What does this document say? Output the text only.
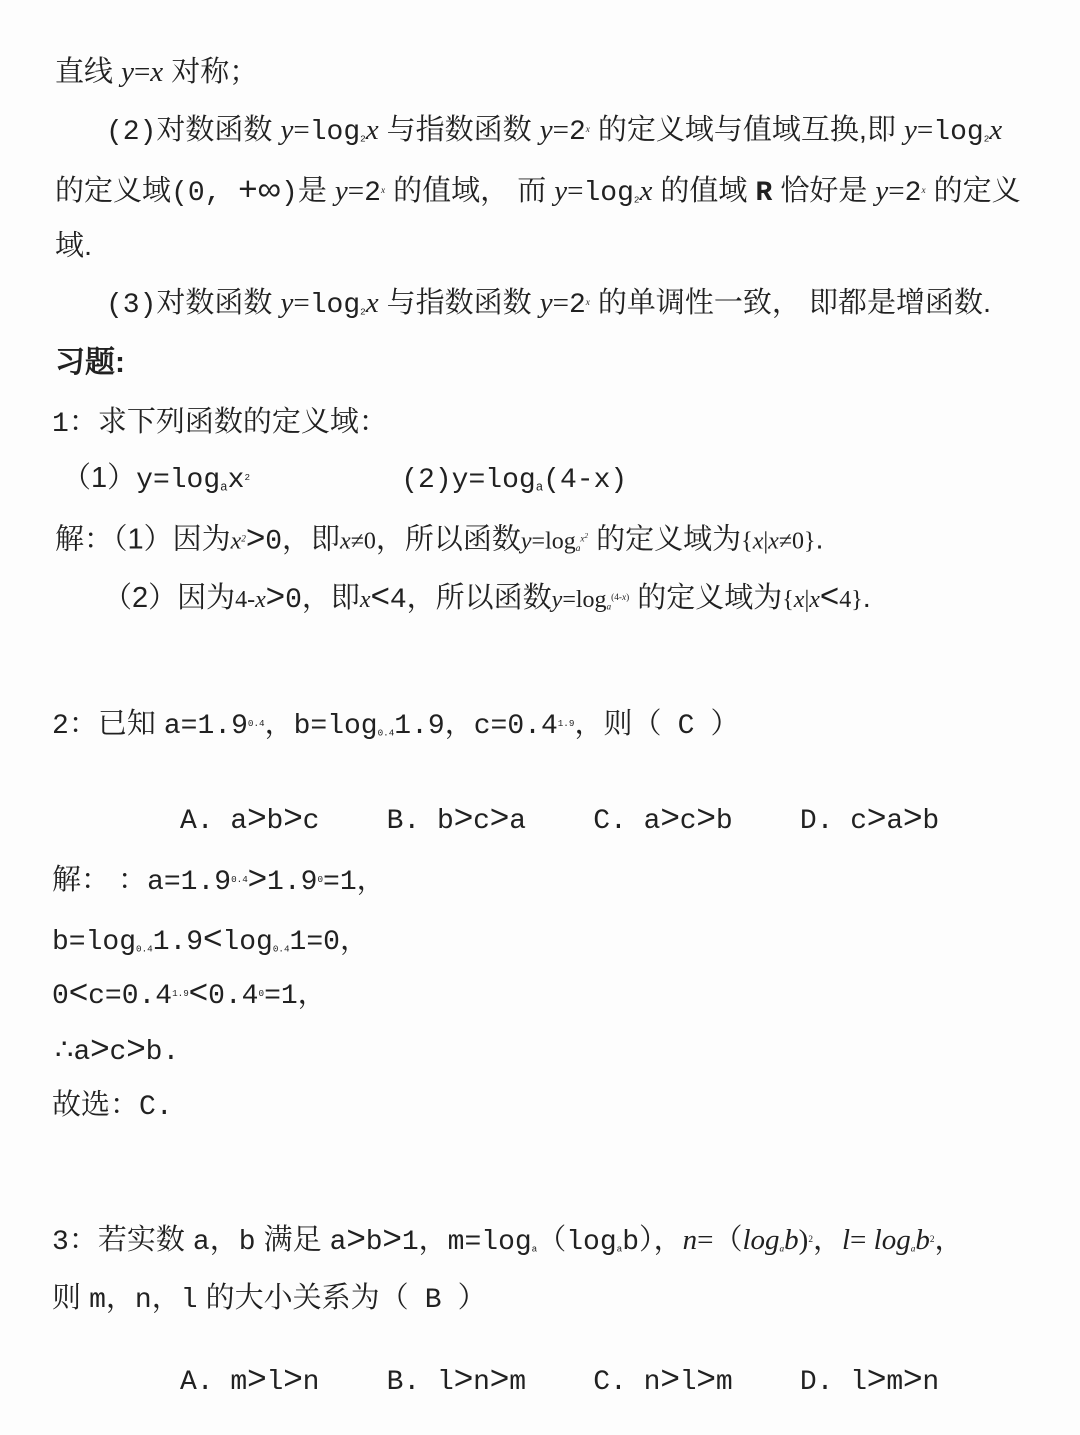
直线 y=x 对称；
(2)对数函数 y=log2x 与指数函数 $y=2^x$ 的定义域与值域互换,即 y=log2x
的定义域(0, +∞)是 $y=2^x$ 的值域， 而 y=log2x 的值域 R 恰好是 $y=2^x$ 的定义
域.
(3)对数函数 y=log2x 与指数函数 $y=2^x$ 的单调性一致， 即都是增函数.
习题:
1：求下列函数的定义域：
$(1)y=\log_ax^2$	$(2)y=\log_a(4-x)$
解：（1）因为$x^2>0$，即x≠0，所以函数y=loga$^{x2}$ 的定义域为{x|x≠0}.
（2）因为4-x>0，即x<4，所以函数y=loga$^{(4-x)}$ 的定义域为{x|x<4}.
2：已知 $a=1.9^{0.4}$，b=log0.41.9，$c=0.4^{1.9}$，则（  C  ）
A. a>b>c    B. b>c>a    C. a>c>b    D. c>a>b
解： ：$a=1.9^{0.4}>1.9^0=1$，
b=log0.41.9<log0.41=0，
$0<c=0.4^{1.9}<0.4^0=1$，
∴a>c>b.
故选：C.
3：若实数 a，b 满足 a>b>1，m=loga（logab），n=（logab)$^2$，l= logab$^2$，
则 m，n，l 的大小关系为（  B  ）
A. m>l>n    B. l>n>m    C. n>l>m    D. l>m>n
